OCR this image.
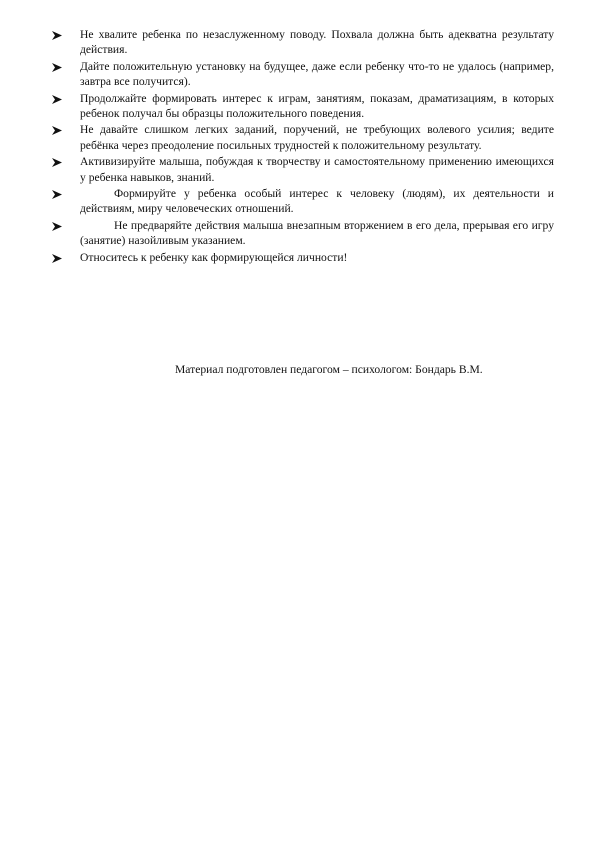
Не хвалите ребенка по незаслуженному поводу. Похвала должна быть адекватна результату действия.
Дайте положительную установку на будущее, даже если ребенку что-то не удалось (например, завтра все получится).
Продолжайте формировать интерес к играм, занятиям, показам, драматизациям, в которых ребенок получал бы образцы положительного поведения.
Не давайте слишком легких заданий, поручений, не требующих волевого усилия; ведите ребёнка через преодоление посильных трудностей к положительному результату.
Активизируйте малыша, побуждая к творчеству и самостоятельному применению имеющихся у ребенка навыков, знаний.
Формируйте у ребенка особый интерес к человеку (людям), их деятельности и действиям, миру человеческих отношений.
Не предваряйте действия малыша внезапным вторжением в его дела, прерывая его игру (занятие) назойливым указанием.
Относитесь к ребенку как формирующейся личности!
Материал подготовлен педагогом – психологом: Бондарь В.М.
